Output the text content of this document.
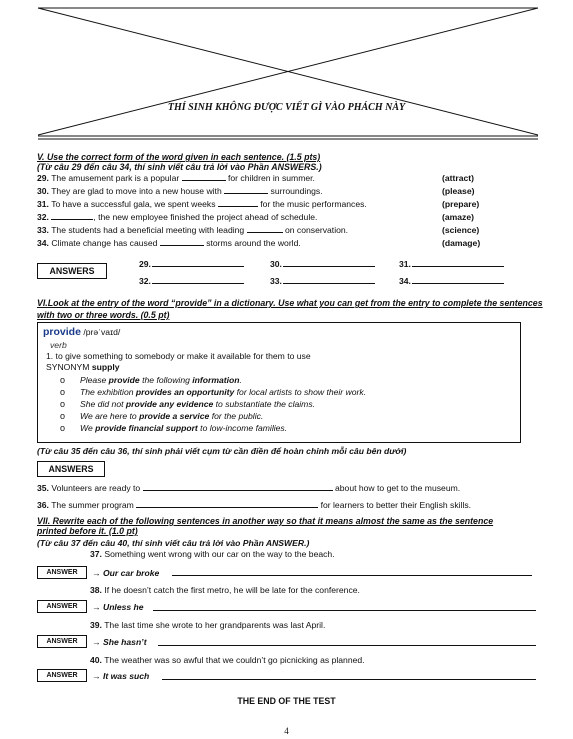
THÍ SINH KHÔNG ĐƯỢC VIẾT GÌ VÀO PHÁCH NÀY
V. Use the correct form of the word given in each sentence. (1.5 pts)
(Từ câu 29 đến câu 34, thí sinh viết câu trả lời vào Phần ANSWERS.)
29. The amusement park is a popular	for children in summer.	(attract)
30. They are glad to move into a new house with	surroundings.	(please)
31. To have a successful gala, we spent weeks	for the music performances.	(prepare)
32.	, the new employee finished the project ahead of schedule.	(amaze)
33. The students had a beneficial meeting with leading	on conservation.	(science)
34. Climate change has caused	storms around the world.	(damage)
ANSWERS
29.	30.	31.
32.	33.	34.
VI.Look at the entry of the word “provide” in a dictionary. Use what you can get from the entry to complete the sentences with two or three words. (0.5 pt)
provide /prəˈvaɪd/
verb
1. to give something to somebody or make it available for them to use
SYNONYM supply
o Please provide the following information.
o The exhibition provides an opportunity for local artists to show their work.
o She did not provide any evidence to substantiate the claims.
o We are here to provide a service for the public.
o We provide financial support to low-income families.
(Từ câu 35 đến câu 36, thí sinh phải viết cụm từ cần điền để hoàn chỉnh mỗi câu bên dưới)
ANSWERS
35. Volunteers are ready to	about how to get to the museum.
36. The summer program	for learners to better their English skills.
VII. Rewrite each of the following sentences in another way so that it means almost the same as the sentence printed before it. (1.0 pt)
(Từ câu 37 đến câu 40, thí sinh viết câu trả lời vào Phần ANSWER.)
37. Something went wrong with our car on the way to the beach.
ANSWER	→ Our car broke
38. If he doesn’t catch the first metro, he will be late for the conference.
ANSWER	→ Unless he
39. The last time she wrote to her grandparents was last April.
ANSWER	→ She hasn’t
40. The weather was so awful that we couldn’t go picnicking as planned.
ANSWER	→ It was such
THE END OF THE TEST
4
